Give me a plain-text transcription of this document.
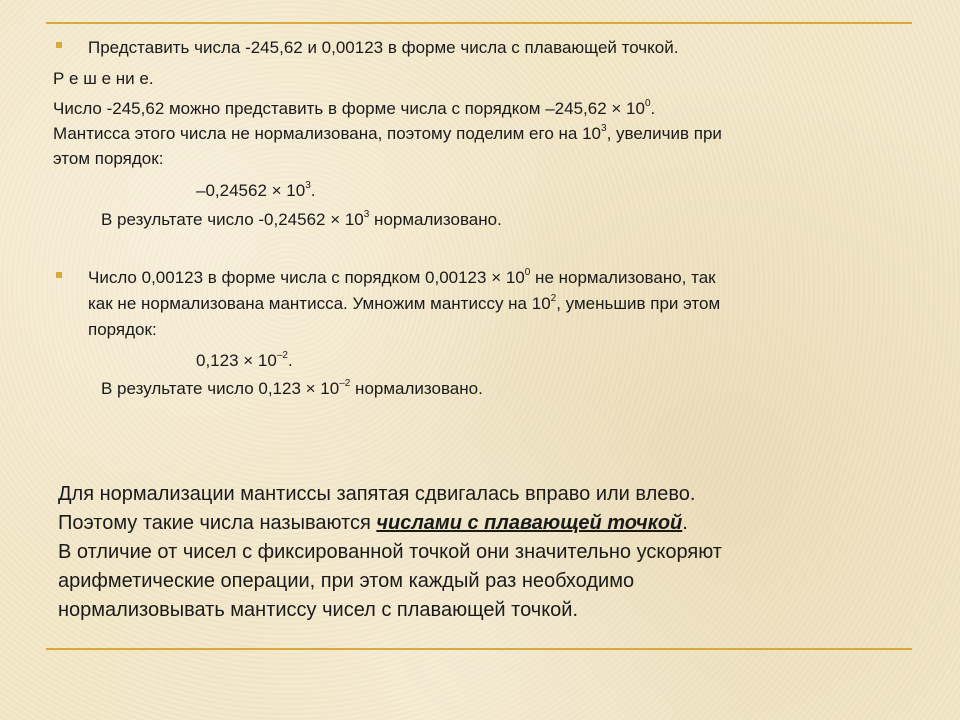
Представить числа -245,62 и 0,00123 в форме числа с плавающей точкой.
Р е ш е ни е.
Число -245,62 можно представить в форме числа с порядком $-245,62 \times 10^0$.
Мантисса этого числа не нормализована, поэтому поделим его на $10^3$, увеличив при
этом порядок:
$-0,24562 \times 10^3$.
В результате число $-0,24562 \times 10^3$ нормализовано.
Число 0,00123 в форме числа с порядком $0,00123 \times 10^0$ не нормализовано, так
как не нормализована мантисса. Умножим мантиссу на $10^2$, уменьшив при этом
порядок:
$0,123 \times 10^{-2}$.
В результате число $0,123 \times 10^{-2}$ нормализовано.
Для нормализации мантиссы запятая сдвигалась вправо или влево.
Поэтому такие числа называются числами с плавающей точкой.
В отличие от чисел с фиксированной точкой они значительно ускоряют
арифметические операции, при этом каждый раз необходимо
нормализовывать мантиссу чисел с плавающей точкой.
